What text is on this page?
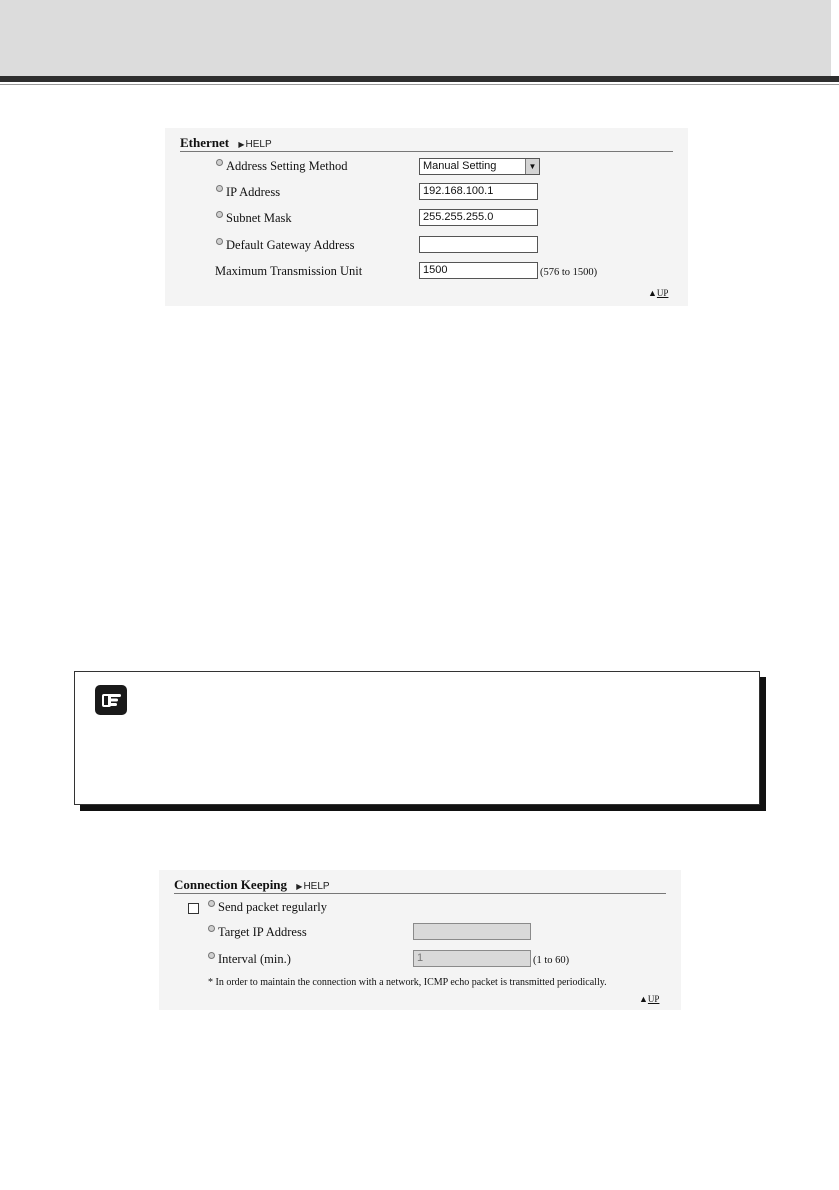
Ethernet ▶HELP
Address Setting Method	Manual Setting	▼
IP Address	192.168.100.1
Subnet Mask	255.255.255.0
Default Gateway Address
Maximum Transmission Unit	1500	(576 to 1500)
▲UP
Connection Keeping ▶HELP
Send packet regularly
Target IP Address
Interval (min.)	1	(1 to 60)
* In order to maintain the connection with a network, ICMP echo packet is transmitted periodically.
▲UP
